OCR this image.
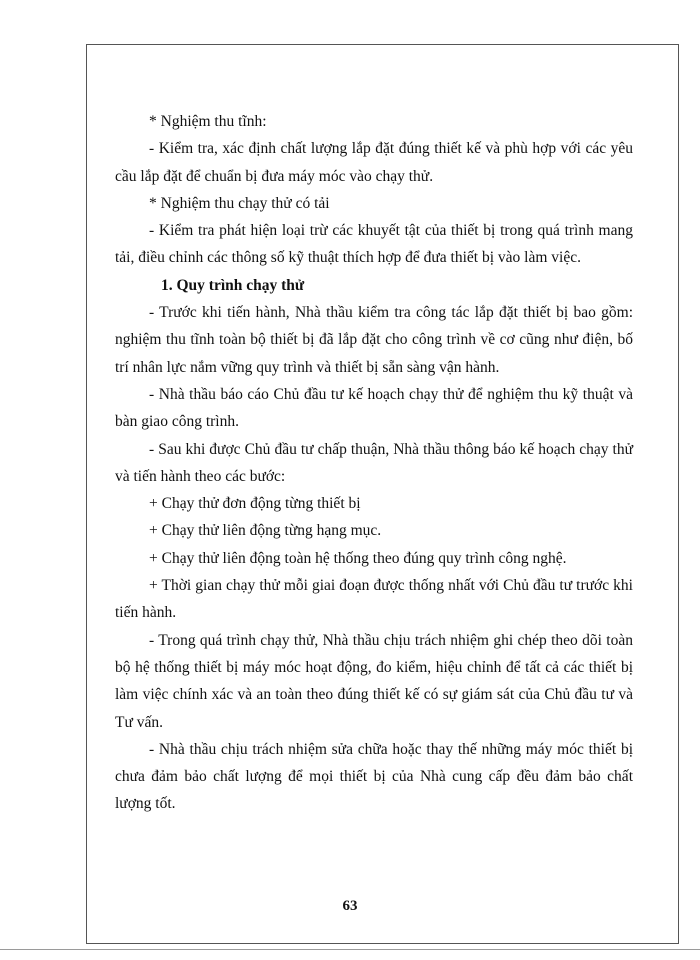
* Nghiệm thu tĩnh:

- Kiểm tra, xác định chất lượng lắp đặt đúng thiết kế và phù hợp với các yêu cầu lắp đặt để chuẩn bị đưa máy móc vào chạy thử.

* Nghiệm thu chạy thử có tải

- Kiểm tra phát hiện loại trừ các khuyết tật của thiết bị trong quá trình mang tải, điều chỉnh các thông số kỹ thuật thích hợp để đưa thiết bị vào làm việc.

1. Quy trình chạy thử

- Trước khi tiến hành, Nhà thầu kiểm tra công tác lắp đặt thiết bị bao gồm: nghiệm thu tĩnh toàn bộ thiết bị đã lắp đặt cho công trình về cơ cũng như điện, bố trí nhân lực nắm vững quy trình và thiết bị sẵn sàng vận hành.

- Nhà thầu báo cáo Chủ đầu tư kế hoạch chạy thử để nghiệm thu kỹ thuật và bàn giao công trình.

- Sau khi được Chủ đầu tư chấp thuận, Nhà thầu thông báo kế hoạch chạy thử và tiến hành theo các bước:

+ Chạy thử đơn động từng thiết bị

+ Chạy thử liên động từng hạng mục.

+ Chạy thử liên động toàn hệ thống theo đúng quy trình công nghệ.

+ Thời gian chạy thử mỗi giai đoạn được thống nhất với Chủ đầu tư trước khi tiến hành.

- Trong quá trình chạy thử, Nhà thầu chịu trách nhiệm ghi chép theo dõi toàn bộ hệ thống thiết bị máy móc hoạt động, đo kiểm, hiệu chỉnh để tất cả các thiết bị làm việc chính xác và an toàn theo đúng thiết kế có sự giám sát của Chủ đầu tư và Tư vấn.

- Nhà thầu chịu trách nhiệm sửa chữa hoặc thay thế những máy móc thiết bị chưa đảm bảo chất lượng để mọi thiết bị của Nhà cung cấp đều đảm bảo chất lượng tốt.

63
